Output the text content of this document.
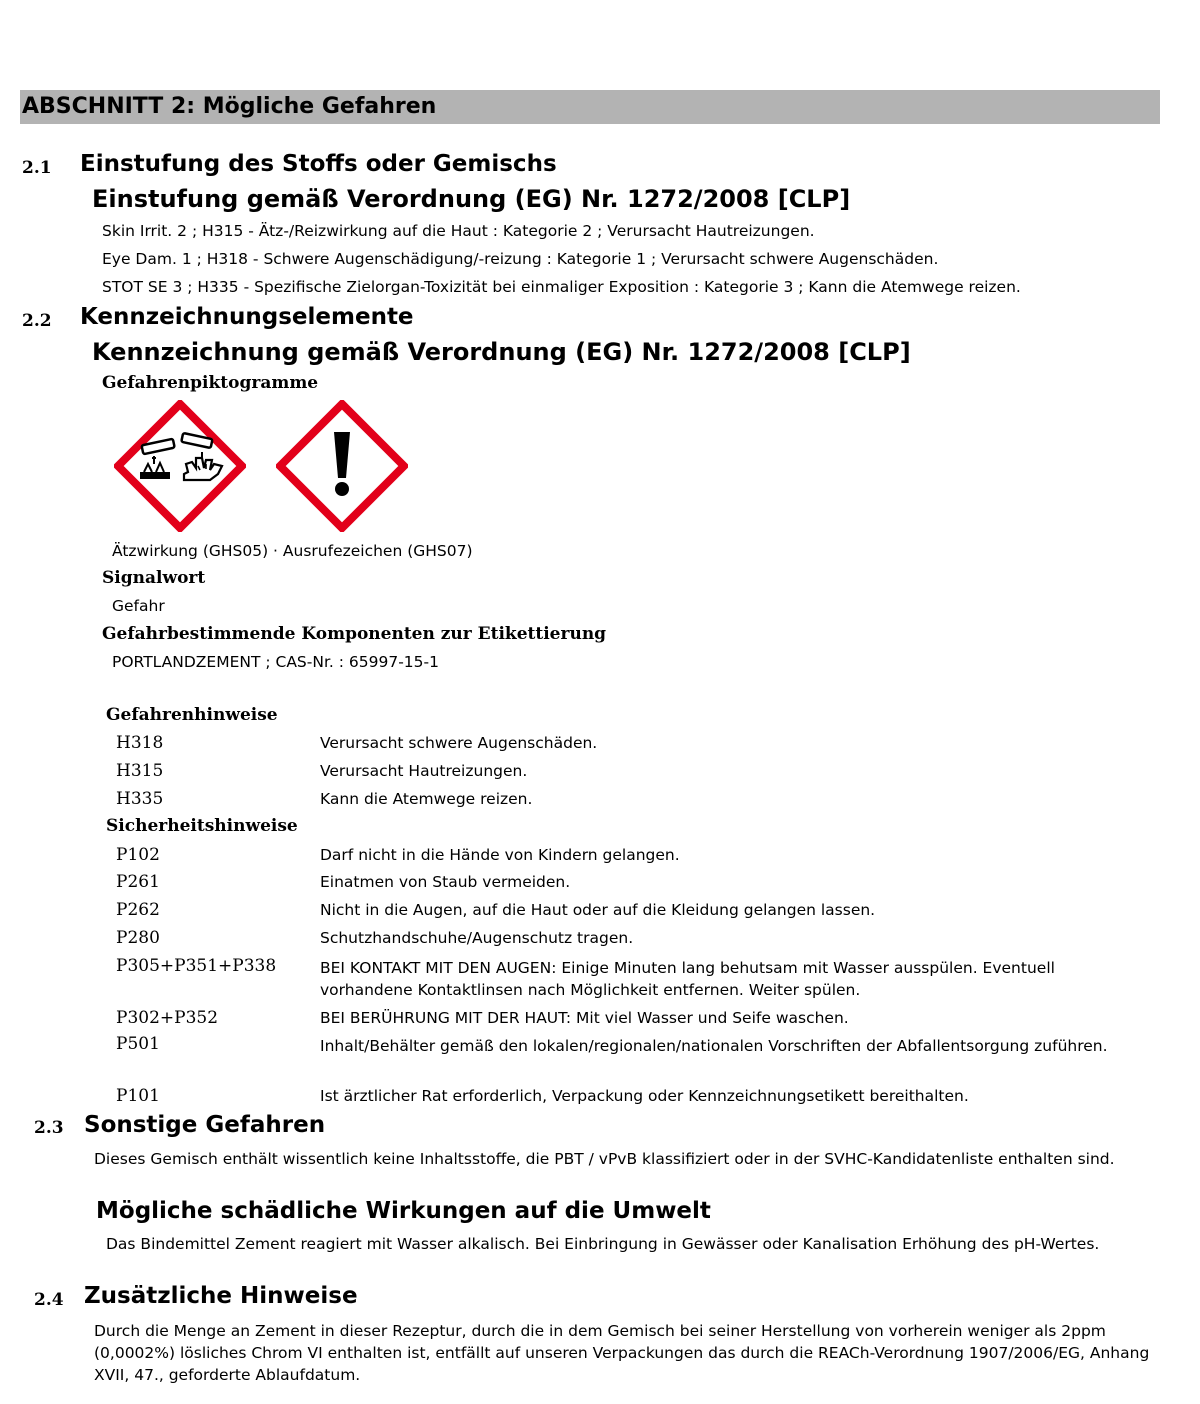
ABSCHNITT 2: Mögliche Gefahren
2.1 Einstufung des Stoffs oder Gemischs
Einstufung gemäß Verordnung (EG) Nr. 1272/2008 [CLP]
Skin Irrit. 2 ; H315 - Ätz-/Reizwirkung auf die Haut : Kategorie 2 ; Verursacht Hautreizungen.
Eye Dam. 1 ; H318 - Schwere Augenschädigung/-reizung : Kategorie 1 ; Verursacht schwere Augenschäden.
STOT SE 3 ; H335 - Spezifische Zielorgan-Toxizität bei einmaliger Exposition : Kategorie 3 ; Kann die Atemwege reizen.
2.2 Kennzeichnungselemente
Kennzeichnung gemäß Verordnung (EG) Nr. 1272/2008 [CLP]
Gefahrenpiktogramme
Ätzwirkung (GHS05) · Ausrufezeichen (GHS07)
Signalwort
Gefahr
Gefahrbestimmende Komponenten zur Etikettierung
PORTLANDZEMENT ; CAS-Nr. : 65997-15-1
Gefahrenhinweise
H318	Verursacht schwere Augenschäden.
H315	Verursacht Hautreizungen.
H335	Kann die Atemwege reizen.
Sicherheitshinweise
P102	Darf nicht in die Hände von Kindern gelangen.
P261	Einatmen von Staub vermeiden.
P262	Nicht in die Augen, auf die Haut oder auf die Kleidung gelangen lassen.
P280	Schutzhandschuhe/Augenschutz tragen.
P305+P351+P338	BEI KONTAKT MIT DEN AUGEN: Einige Minuten lang behutsam mit Wasser ausspülen. Eventuell vorhandene Kontaktlinsen nach Möglichkeit entfernen. Weiter spülen.
P302+P352	BEI BERÜHRUNG MIT DER HAUT: Mit viel Wasser und Seife waschen.
P501	Inhalt/Behälter gemäß den lokalen/regionalen/nationalen Vorschriften der Abfallentsorgung zuführen.
P101	Ist ärztlicher Rat erforderlich, Verpackung oder Kennzeichnungsetikett bereithalten.
2.3 Sonstige Gefahren
Dieses Gemisch enthält wissentlich keine Inhaltsstoffe, die PBT / vPvB klassifiziert oder in der SVHC-Kandidatenliste enthalten sind.
Mögliche schädliche Wirkungen auf die Umwelt
Das Bindemittel Zement reagiert mit Wasser alkalisch. Bei Einbringung in Gewässer oder Kanalisation Erhöhung des pH-Wertes.
2.4 Zusätzliche Hinweise
Durch die Menge an Zement in dieser Rezeptur, durch die in dem Gemisch bei seiner Herstellung von vorherein weniger als 2ppm (0,0002%) lösliches Chrom VI enthalten ist, entfällt auf unseren Verpackungen das durch die REACh-Verordnung 1907/2006/EG, Anhang XVII, 47., geforderte Ablaufdatum.
